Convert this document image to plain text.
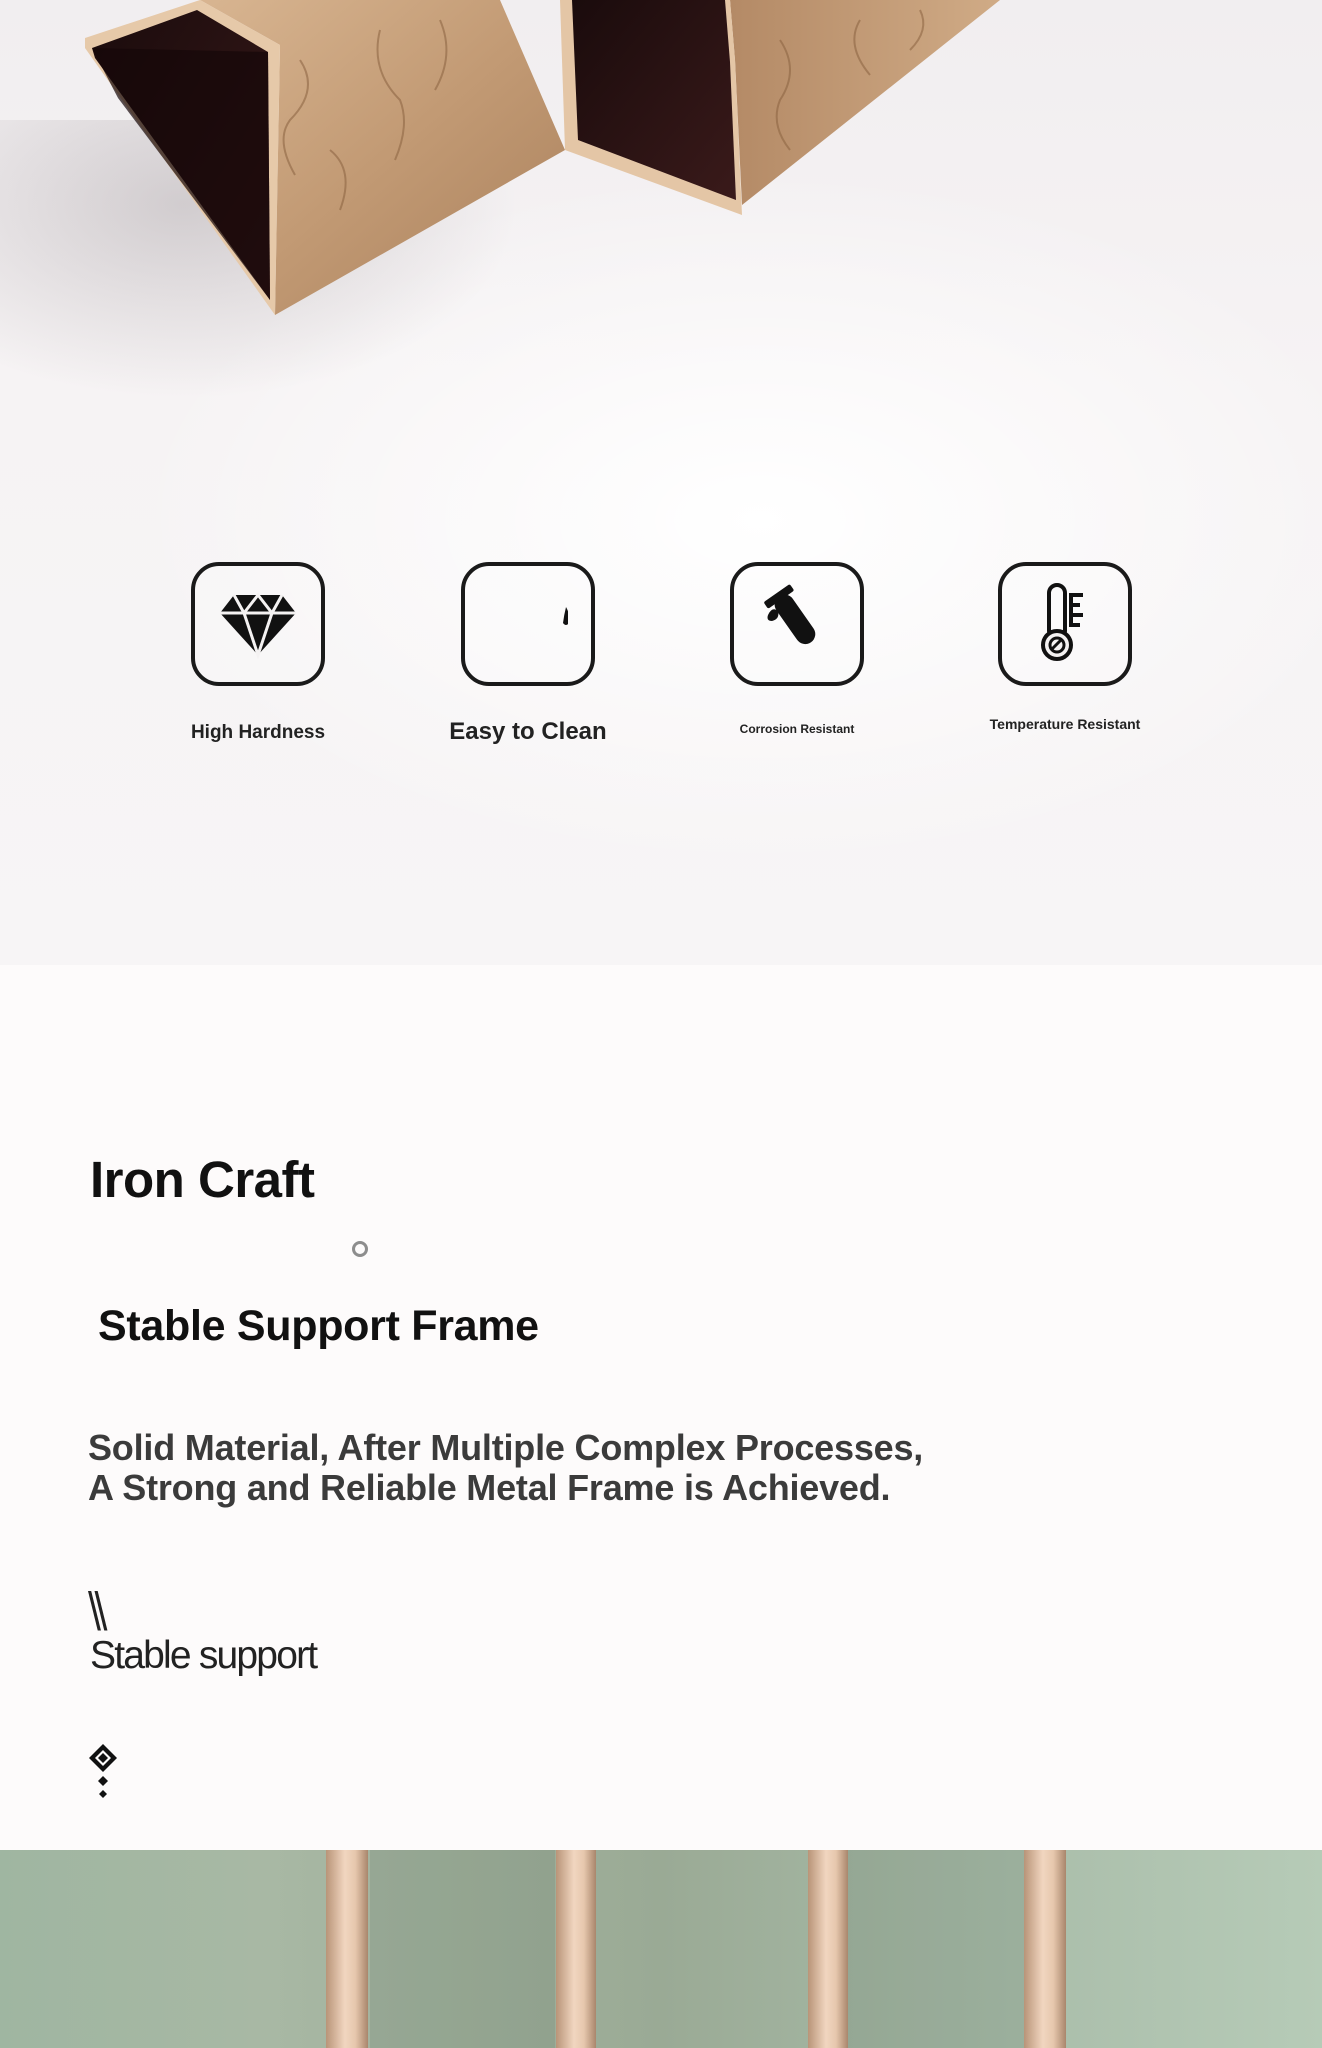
High Hardness	Easy to Clean	Corrosion Resistant	Temperature Resistant
Iron Craft
Stable Support Frame

Solid Material, After Multiple Complex Processes,
A Strong and Reliable Metal Frame is Achieved.

\\
Stable support
